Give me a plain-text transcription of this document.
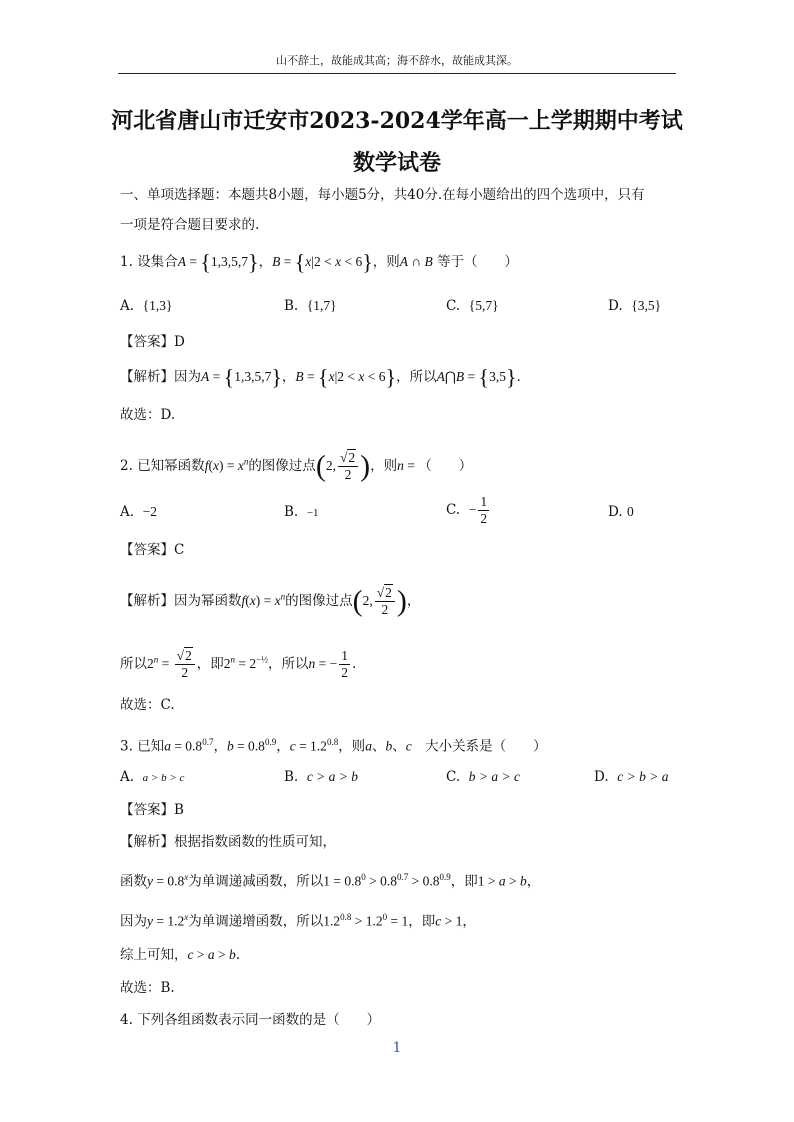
山不辞土，故能成其高；海不辞水，故能成其深。
河北省唐山市迁安市2023-2024学年高一上学期期中考试
数学试卷
一、单项选择题：本题共8小题，每小题5分，共40分.在每小题给出的四个选项中，只有
一项是符合题目要求的.
1. 设集合A = {1,3,5,7}，B = {x|2 < x < 6}，则A ∩ B 等于（　　）
A. {1,3}	B. {1,7}	C. {5,7}	D. {3,5}
【答案】D
【解析】因为A = {1,3,5,7}，B = {x|2 < x < 6}，所以A⋂B = {3,5}.
故选：D.
2. 已知幂函数$f(x) = x^n$的图像过点(2, $\frac{√2}{2}$ )，则n = （　　）
A. −2	B. −1	C. − $\frac{1}{2}$	D. 0
【答案】C
【解析】因为幂函数$f(x) = x^n$的图像过点(2, $\frac{√2}{2}$ )，
所以$2^n = \frac{√2}{2}$ ，即$2^n = 2^{-\frac{1}{2}}$，所以n = − $\frac{1}{2}$ .
故选：C.
3. 已知$a = 0.8^{0.7}$，$b = 0.8^{0.9}$，$c = 1.2^{0.8}$，则a、b、c　大小关系是（　　）
A. a > b > c	B. c > a > b	C. b > a > c	D. c > b > a
【答案】B
【解析】根据指数函数的性质可知，
函数$y = 0.8^x$为单调递减函数，所以$1 = 0.8^0 > 0.8^{0.7} > 0.8^{0.9}$，即1 > a > b，
因为$y = 1.2^x$为单调递增函数，所以$1.2^{0.8} > 1.2^0 = 1$，即c > 1，
综上可知，c > a > b.
故选：B.
4. 下列各组函数表示同一函数的是（　　）
1
